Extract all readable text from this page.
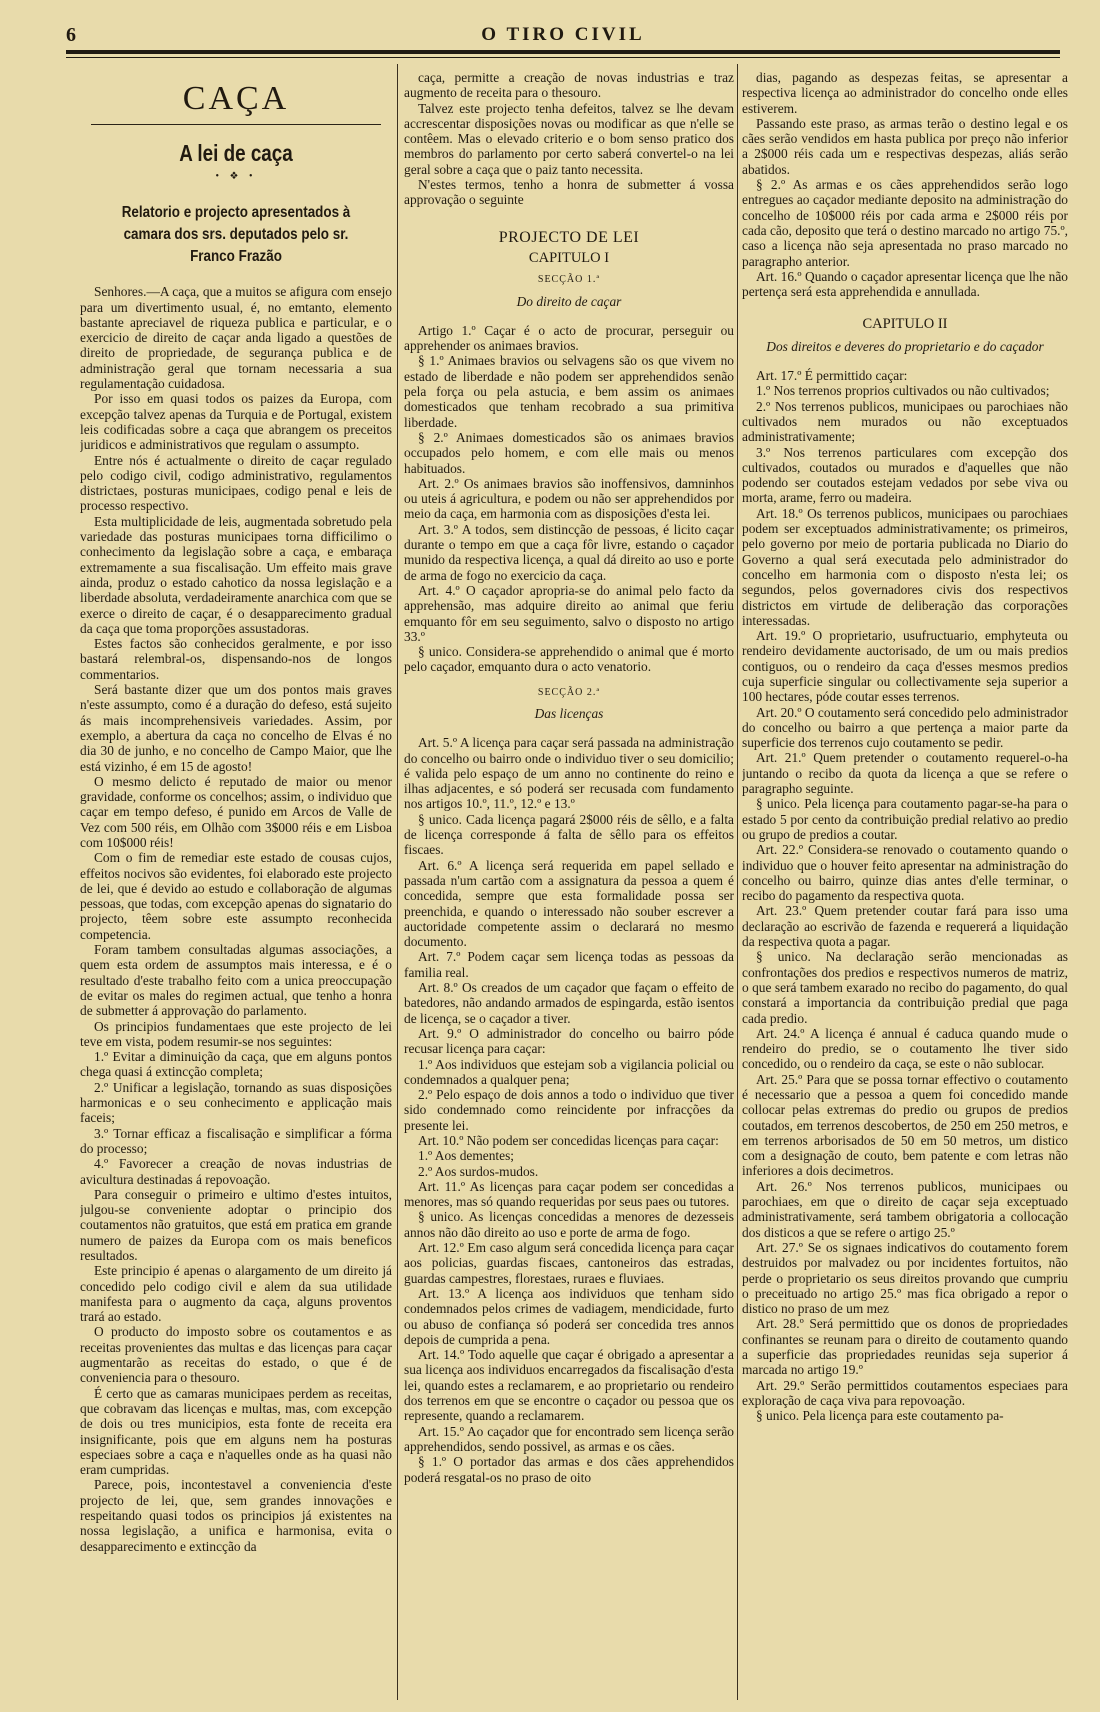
6	O TIRO CIVIL

CAÇA

A lei de caça

• ❖ •

Relatorio e projecto apresentados à camara dos srs. deputados pelo sr. Franco Frazão

Senhores.—A caça, que a muitos se afigura com ensejo para um divertimento usual, é, no emtanto, elemento bastante apreciavel de riqueza publica e particular, e o exercicio de direito de caçar anda ligado a questões de direito de propriedade, de segurança publica e de administração geral que tornam necessaria a sua regulamentação cuidadosa.

Por isso em quasi todos os paizes da Europa, com excepção talvez apenas da Turquia e de Portugal, existem leis codificadas sobre a caça que abrangem os preceitos juridicos e administrativos que regulam o assumpto.

Entre nós é actualmente o direito de caçar regulado pelo codigo civil, codigo administrativo, regulamentos districtaes, posturas municipaes, codigo penal e leis de processo respectivo.

Esta multiplicidade de leis, augmentada sobretudo pela variedade das posturas municipaes torna difficilimo o conhecimento da legislação sobre a caça, e embaraça extremamente a sua fiscalisação. Um effeito mais grave ainda, produz o estado cahotico da nossa legislação e a liberdade absoluta, verdadeiramente anarchica com que se exerce o direito de caçar, é o desapparecimento gradual da caça que toma proporções assustadoras.

Estes factos são conhecidos geralmente, e por isso bastará relembral-os, dispensando-nos de longos commentarios.

Será bastante dizer que um dos pontos mais graves n'este assumpto, como é a duração do defeso, está sujeito ás mais incomprehensiveis variedades. Assim, por exemplo, a abertura da caça no concelho de Elvas é no dia 30 de junho, e no concelho de Campo Maior, que lhe está vizinho, é em 15 de agosto!

O mesmo delicto é reputado de maior ou menor gravidade, conforme os concelhos; assim, o individuo que caçar em tempo defeso, é punido em Arcos de Valle de Vez com 500 réis, em Olhão com 3$000 réis e em Lisboa com 10$000 réis!

Com o fim de remediar este estado de cousas cujos, effeitos nocivos são evidentes, foi elaborado este projecto de lei, que é devido ao estudo e collaboração de algumas pessoas, que todas, com excepção apenas do signatario do projecto, têem sobre este assumpto reconhecida competencia.

Foram tambem consultadas algumas associações, a quem esta ordem de assumptos mais interessa, e é o resultado d'este trabalho feito com a unica preoccupação de evitar os males do regimen actual, que tenho a honra de submetter á approvação do parlamento.

Os principios fundamentaes que este projecto de lei teve em vista, podem resumir-se nos seguintes:

1.º Evitar a diminuição da caça, que em alguns pontos chega quasi á extincção completa;

2.º Unificar a legislação, tornando as suas disposições harmonicas e o seu conhecimento e applicação mais faceis;

3.º Tornar efficaz a fiscalisação e simplificar a fórma do processo;

4.º Favorecer a creação de novas industrias de avicultura destinadas á repovoação.

Para conseguir o primeiro e ultimo d'estes intuitos, julgou-se conveniente adoptar o principio dos coutamentos não gratuitos, que está em pratica em grande numero de paizes da Europa com os mais beneficos resultados.

Este principio é apenas o alargamento de um direito já concedido pelo codigo civil e alem da sua utilidade manifesta para o augmento da caça, alguns proventos trará ao estado.

O producto do imposto sobre os coutamentos e as receitas provenientes das multas e das licenças para caçar augmentarão as receitas do estado, o que é de conveniencia para o thesouro.

É certo que as camaras municipaes perdem as receitas, que cobravam das licenças e multas, mas, com excepção de dois ou tres municipios, esta fonte de receita era insignificante, pois que em alguns nem ha posturas especiaes sobre a caça e n'aquelles onde as ha quasi não eram cumpridas.

Parece, pois, incontestavel a conveniencia d'este projecto de lei, que, sem grandes innovações e respeitando quasi todos os principios já existentes na nossa legislação, a unifica e harmonisa, evita o desapparecimento e extincção da

caça, permitte a creação de novas industrias e traz augmento de receita para o thesouro.

Talvez este projecto tenha defeitos, talvez se lhe devam accrescentar disposições novas ou modificar as que n'elle se contêem. Mas o elevado criterio e o bom senso pratico dos membros do parlamento por certo saberá convertel-o na lei geral sobre a caça que o paiz tanto necessita.

N'estes termos, tenho a honra de submetter á vossa approvação o seguinte

PROJECTO DE LEI

CAPITULO I

SECÇÃO 1.ª

Do direito de caçar

Artigo 1.º Caçar é o acto de procurar, perseguir ou apprehender os animaes bravios.

§ 1.º Animaes bravios ou selvagens são os que vivem no estado de liberdade e não podem ser apprehendidos senão pela força ou pela astucia, e bem assim os animaes domesticados que tenham recobrado a sua primitiva liberdade.

§ 2.º Animaes domesticados são os animaes bravios occupados pelo homem, e com elle mais ou menos habituados.

Art. 2.º Os animaes bravios são inoffensivos, damninhos ou uteis á agricultura, e podem ou não ser apprehendidos por meio da caça, em harmonia com as disposições d'esta lei.

Art. 3.º A todos, sem distincção de pessoas, é licito caçar durante o tempo em que a caça fôr livre, estando o caçador munido da respectiva licença, a qual dá direito ao uso e porte de arma de fogo no exercicio da caça.

Art. 4.º O caçador apropria-se do animal pelo facto da apprehensão, mas adquire direito ao animal que feriu emquanto fôr em seu seguimento, salvo o disposto no artigo 33.º

§ unico. Considera-se apprehendido o animal que é morto pelo caçador, emquanto dura o acto venatorio.

SECÇÃO 2.ª

Das licenças

Art. 5.º A licença para caçar será passada na administração do concelho ou bairro onde o individuo tiver o seu domicilio; é valida pelo espaço de um anno no continente do reino e ilhas adjacentes, e só poderá ser recusada com fundamento nos artigos 10.º, 11.º, 12.º e 13.º

§ unico. Cada licença pagará 2$000 réis de sêllo, e a falta de licença corresponde á falta de sêllo para os effeitos fiscaes.

Art. 6.º A licença será requerida em papel sellado e passada n'um cartão com a assignatura da pessoa a quem é concedida, sempre que esta formalidade possa ser preenchida, e quando o interessado não souber escrever a auctoridade competente assim o declarará no mesmo documento.

Art. 7.º Podem caçar sem licença todas as pessoas da familia real.

Art. 8.º Os creados de um caçador que façam o effeito de batedores, não andando armados de espingarda, estão isentos de licença, se o caçador a tiver.

Art. 9.º O administrador do concelho ou bairro póde recusar licença para caçar:

1.º Aos individuos que estejam sob a vigilancia policial ou condemnados a qualquer pena;

2.º Pelo espaço de dois annos a todo o individuo que tiver sido condemnado como reincidente por infracções da presente lei.

Art. 10.º Não podem ser concedidas licenças para caçar:

1.º Aos dementes;

2.º Aos surdos-mudos.

Art. 11.º As licenças para caçar podem ser concedidas a menores, mas só quando requeridas por seus paes ou tutores.

§ unico. As licenças concedidas a menores de dezesseis annos não dão direito ao uso e porte de arma de fogo.

Art. 12.º Em caso algum será concedida licença para caçar aos policias, guardas fiscaes, cantoneiros das estradas, guardas campestres, florestaes, ruraes e fluviaes.

Art. 13.º A licença aos individuos que tenham sido condemnados pelos crimes de vadiagem, mendicidade, furto ou abuso de confiança só poderá ser concedida tres annos depois de cumprida a pena.

Art. 14.º Todo aquelle que caçar é obrigado a apresentar a sua licença aos individuos encarregados da fiscalisação d'esta lei, quando estes a reclamarem, e ao proprietario ou rendeiro dos terrenos em que se encontre o caçador ou pessoa que os represente, quando a reclamarem.

Art. 15.º Ao caçador que for encontrado sem licença serão apprehendidos, sendo possivel, as armas e os cães.

§ 1.º O portador das armas e dos cães apprehendidos poderá resgatal-os no praso de oito

dias, pagando as despezas feitas, se apresentar a respectiva licença ao administrador do concelho onde elles estiverem.

Passando este praso, as armas terão o destino legal e os cães serão vendidos em hasta publica por preço não inferior a 2$000 réis cada um e respectivas despezas, aliás serão abatidos.

§ 2.º As armas e os cães apprehendidos serão logo entregues ao caçador mediante deposito na administração do concelho de 10$000 réis por cada arma e 2$000 réis por cada cão, deposito que terá o destino marcado no artigo 75.º, caso a licença não seja apresentada no praso marcado no paragrapho anterior.

Art. 16.º Quando o caçador apresentar licença que lhe não pertença será esta apprehendida e annullada.

CAPITULO II

Dos direitos e deveres do proprietario e do caçador

Art. 17.º É permittido caçar:

1.º Nos terrenos proprios cultivados ou não cultivados;

2.º Nos terrenos publicos, municipaes ou parochiaes não cultivados nem murados ou não exceptuados administrativamente;

3.º Nos terrenos particulares com excepção dos cultivados, coutados ou murados e d'aquelles que não podendo ser coutados estejam vedados por sebe viva ou morta, arame, ferro ou madeira.

Art. 18.º Os terrenos publicos, municipaes ou parochiaes podem ser exceptuados administrativamente; os primeiros, pelo governo por meio de portaria publicada no Diario do Governo a qual será executada pelo administrador do concelho em harmonia com o disposto n'esta lei; os segundos, pelos governadores civis dos respectivos districtos em virtude de deliberação das corporações interessadas.

Art. 19.º O proprietario, usufructuario, emphyteuta ou rendeiro devidamente auctorisado, de um ou mais predios contiguos, ou o rendeiro da caça d'esses mesmos predios cuja superficie singular ou collectivamente seja superior a 100 hectares, póde coutar esses terrenos.

Art. 20.º O coutamento será concedido pelo administrador do concelho ou bairro a que pertença a maior parte da superficie dos terrenos cujo coutamento se pedir.

Art. 21.º Quem pretender o coutamento requerel-o-ha juntando o recibo da quota da licença a que se refere o paragrapho seguinte.

§ unico. Pela licença para coutamento pagar-se-ha para o estado 5 por cento da contribuição predial relativo ao predio ou grupo de predios a coutar.

Art. 22.º Considera-se renovado o coutamento quando o individuo que o houver feito apresentar na administração do concelho ou bairro, quinze dias antes d'elle terminar, o recibo do pagamento da respectiva quota.

Art. 23.º Quem pretender coutar fará para isso uma declaração ao escrivão de fazenda e requererá a liquidação da respectiva quota a pagar.

§ unico. Na declaração serão mencionadas as confrontações dos predios e respectivos numeros de matriz, o que será tambem exarado no recibo do pagamento, do qual constará a importancia da contribuição predial que paga cada predio.

Art. 24.º A licença é annual é caduca quando mude o rendeiro do predio, se o coutamento lhe tiver sido concedido, ou o rendeiro da caça, se este o não sublocar.

Art. 25.º Para que se possa tornar effectivo o coutamento é necessario que a pessoa a quem foi concedido mande collocar pelas extremas do predio ou grupos de predios coutados, em terrenos descobertos, de 250 em 250 metros, e em terrenos arborisados de 50 em 50 metros, um distico com a designação de couto, bem patente e com letras não inferiores a dois decimetros.

Art. 26.º Nos terrenos publicos, municipaes ou parochiaes, em que o direito de caçar seja exceptuado administrativamente, será tambem obrigatoria a collocação dos disticos a que se refere o artigo 25.º

Art. 27.º Se os signaes indicativos do coutamento forem destruidos por malvadez ou por incidentes fortuitos, não perde o proprietario os seus direitos provando que cumpriu o preceituado no artigo 25.º mas fica obrigado a repor o distico no praso de um mez

Art. 28.º Será permittido que os donos de propriedades confinantes se reunam para o direito de coutamento quando a superficie das propriedades reunidas seja superior á marcada no artigo 19.º

Art. 29.º Serão permittidos coutamentos especiaes para exploração de caça viva para repovoação.

§ unico. Pela licença para este coutamento pa-
